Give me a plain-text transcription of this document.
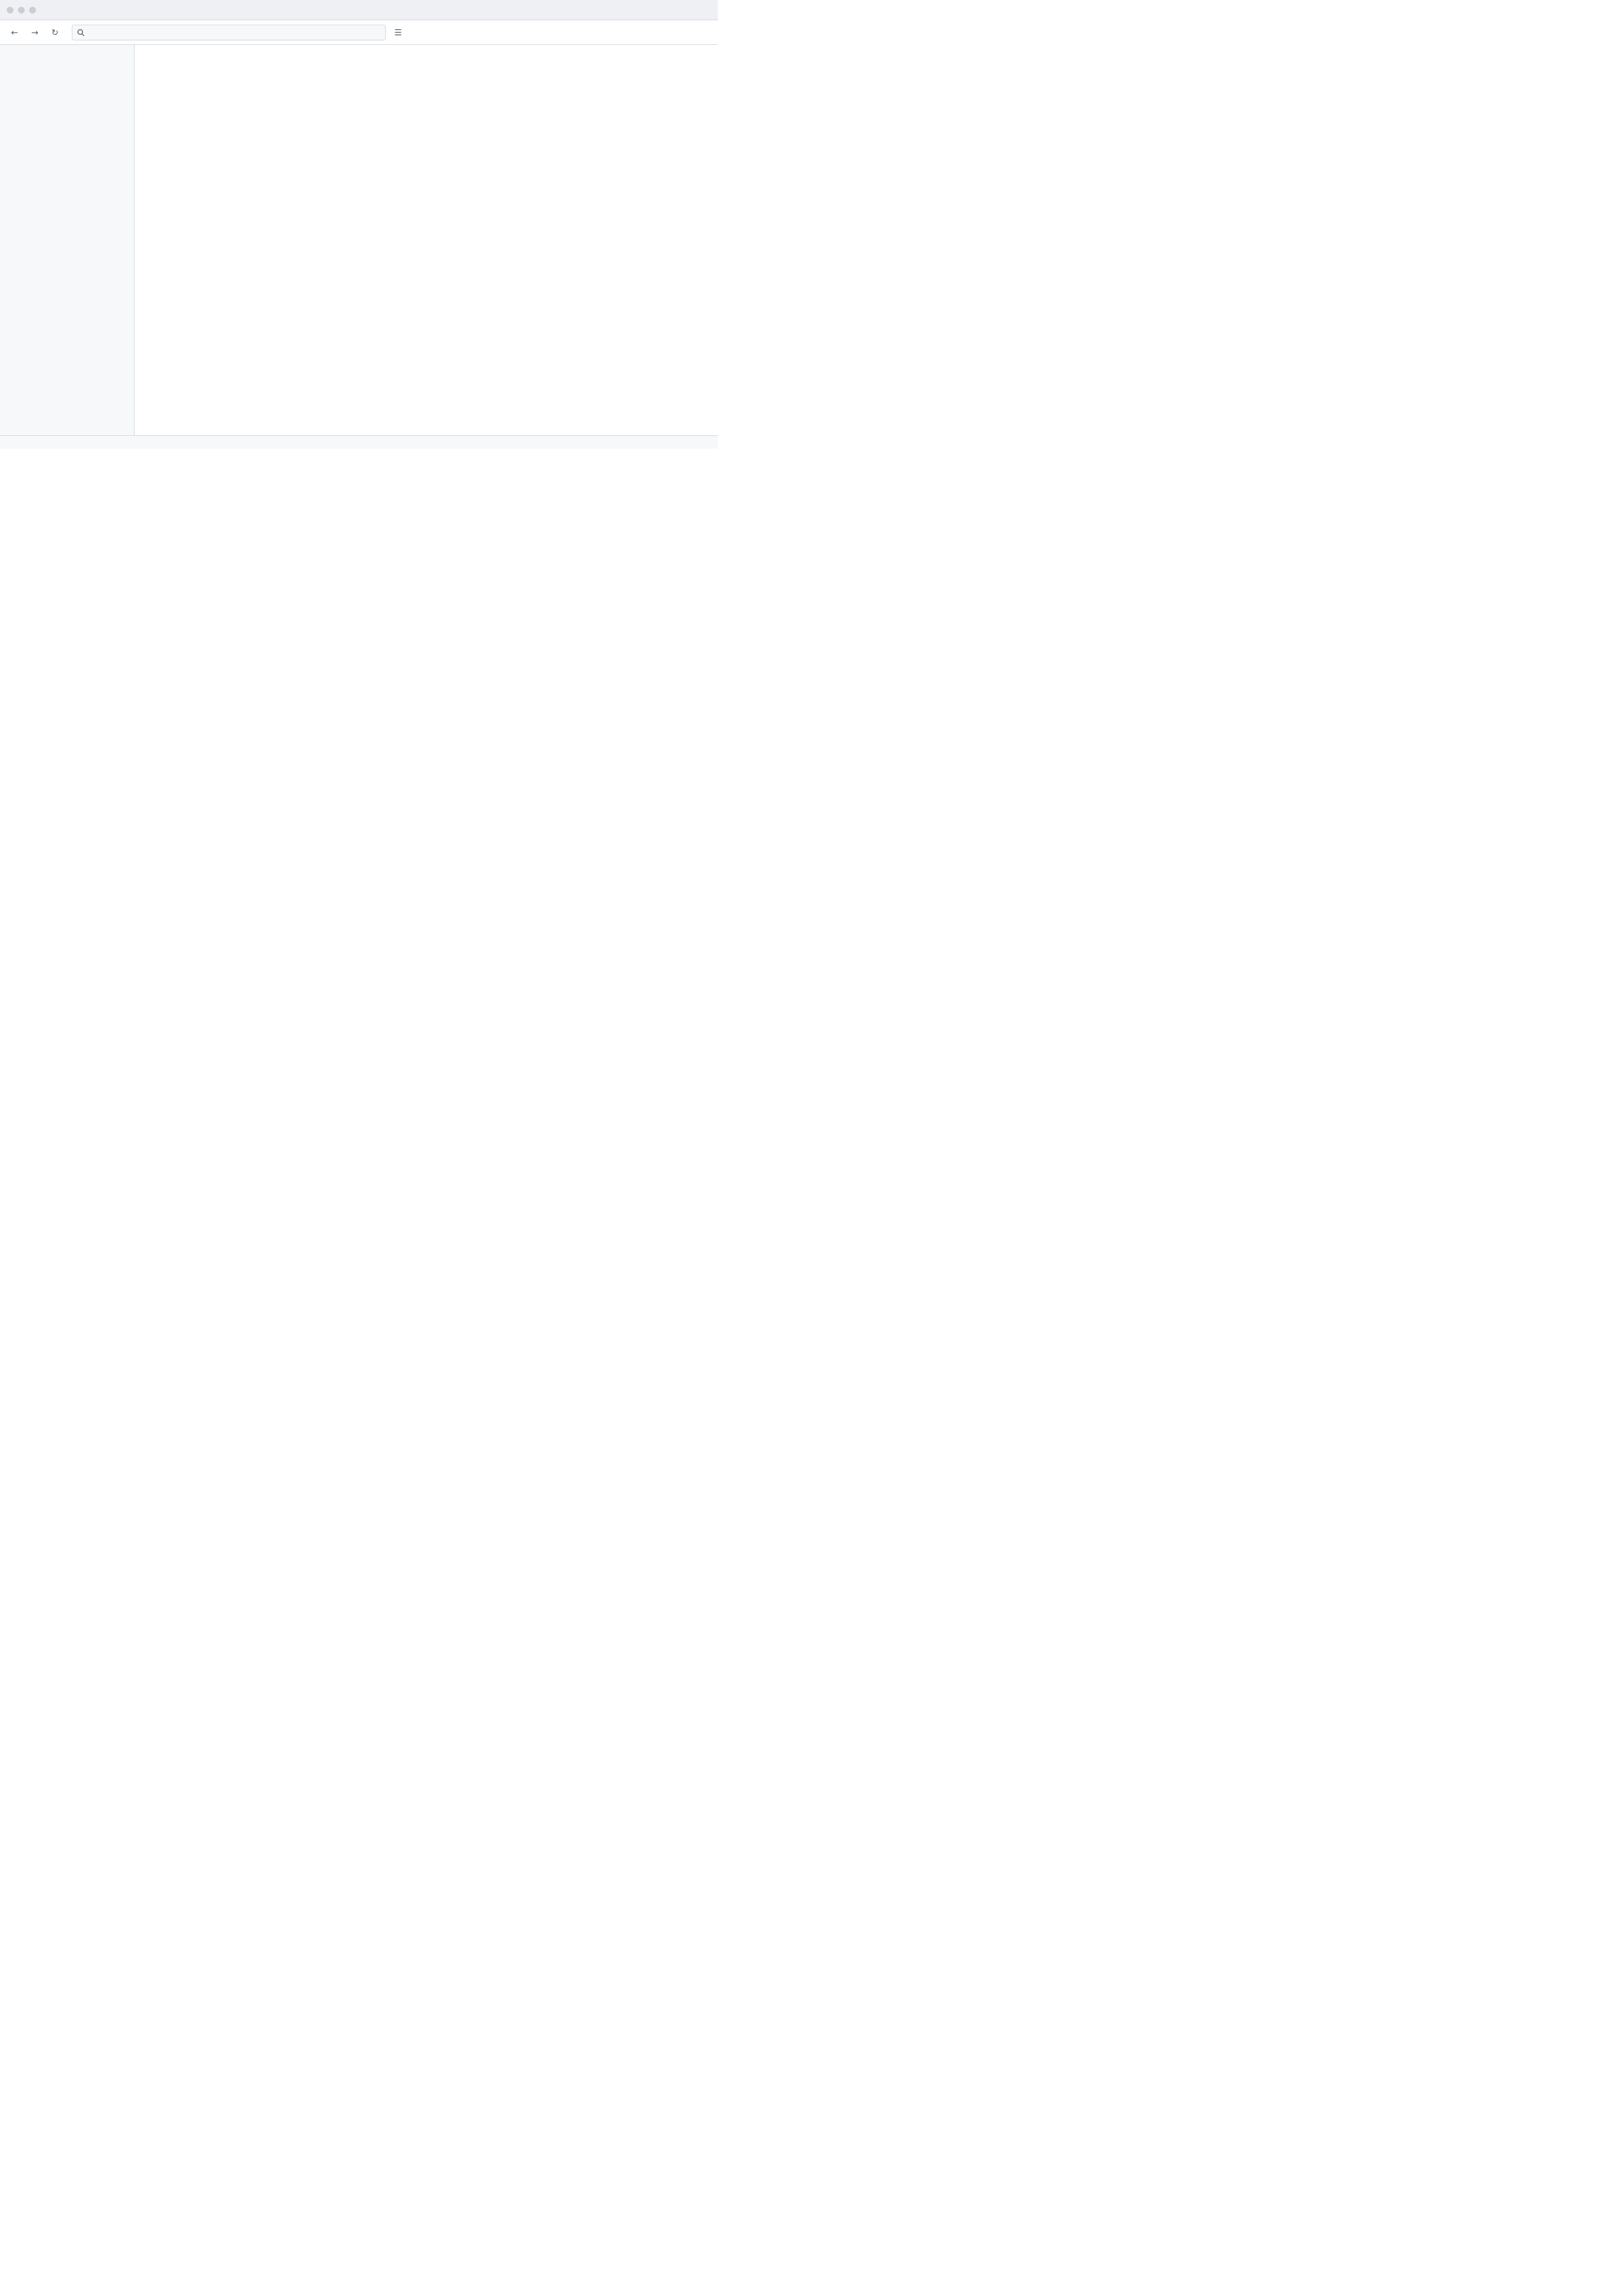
← → ↻	☰
